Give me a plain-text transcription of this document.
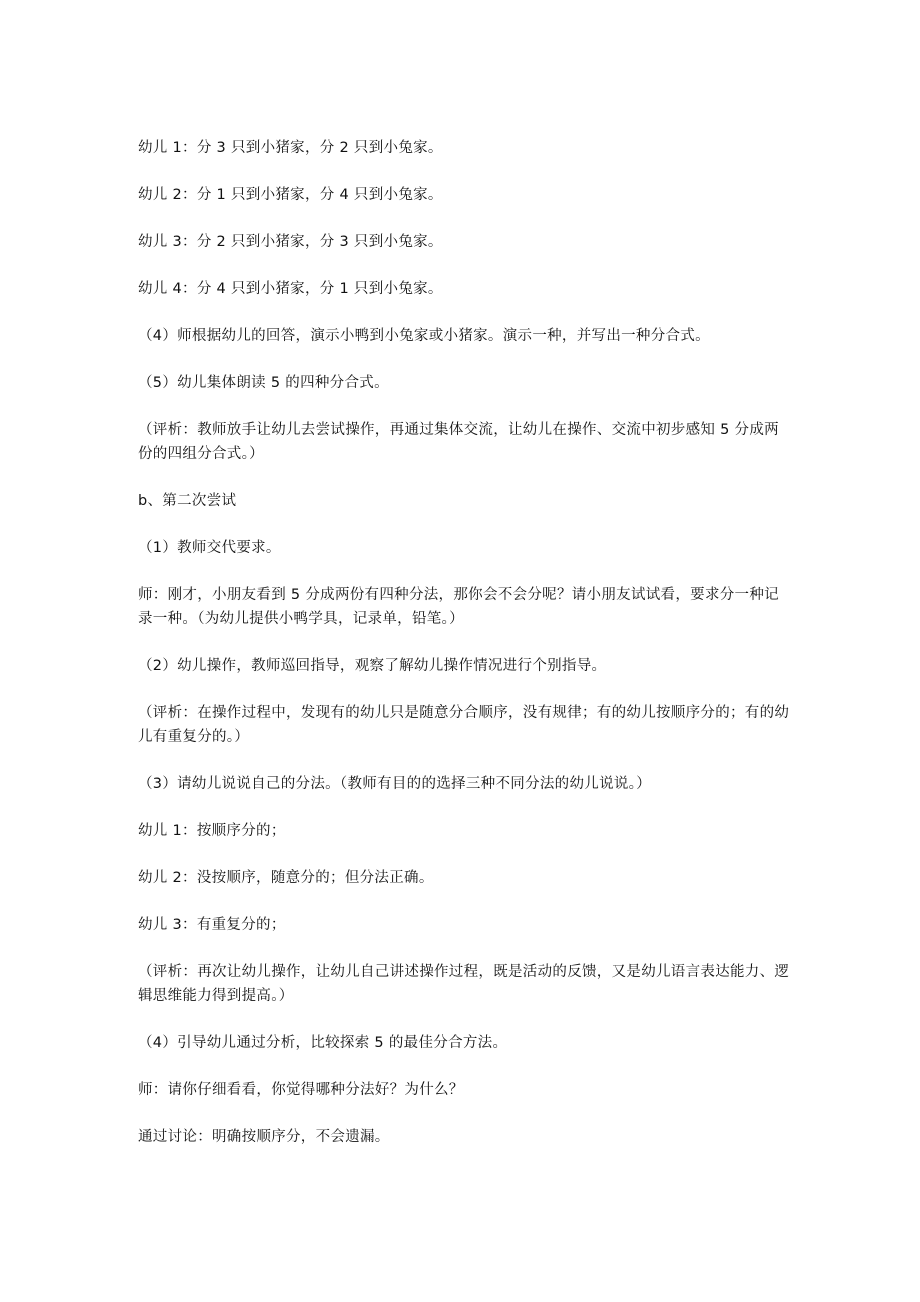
幼儿 1：分 3 只到小猪家，分 2 只到小兔家。

幼儿 2：分 1 只到小猪家，分 4 只到小兔家。

幼儿 3：分 2 只到小猪家，分 3 只到小兔家。

幼儿 4：分 4 只到小猪家，分 1 只到小兔家。

（4）师根据幼儿的回答，演示小鸭到小兔家或小猪家。演示一种，并写出一种分合式。

（5）幼儿集体朗读 5 的四种分合式。

（评析：教师放手让幼儿去尝试操作，再通过集体交流，让幼儿在操作、交流中初步感知 5 分成两份的四组分合式。）

b、第二次尝试

（1）教师交代要求。

师：刚才，小朋友看到 5 分成两份有四种分法，那你会不会分呢？请小朋友试试看，要求分一种记录一种。（为幼儿提供小鸭学具，记录单，铅笔。）

（2）幼儿操作，教师巡回指导，观察了解幼儿操作情况进行个别指导。

（评析：在操作过程中，发现有的幼儿只是随意分合顺序，没有规律；有的幼儿按顺序分的；有的幼儿有重复分的。）

（3）请幼儿说说自己的分法。（教师有目的的选择三种不同分法的幼儿说说。）

幼儿 1：按顺序分的；

幼儿 2：没按顺序，随意分的；但分法正确。

幼儿 3：有重复分的；

（评析：再次让幼儿操作，让幼儿自己讲述操作过程，既是活动的反馈，又是幼儿语言表达能力、逻辑思维能力得到提高。）

（4）引导幼儿通过分析，比较探索 5 的最佳分合方法。

师：请你仔细看看，你觉得哪种分法好？为什么？

通过讨论：明确按顺序分，不会遗漏。
